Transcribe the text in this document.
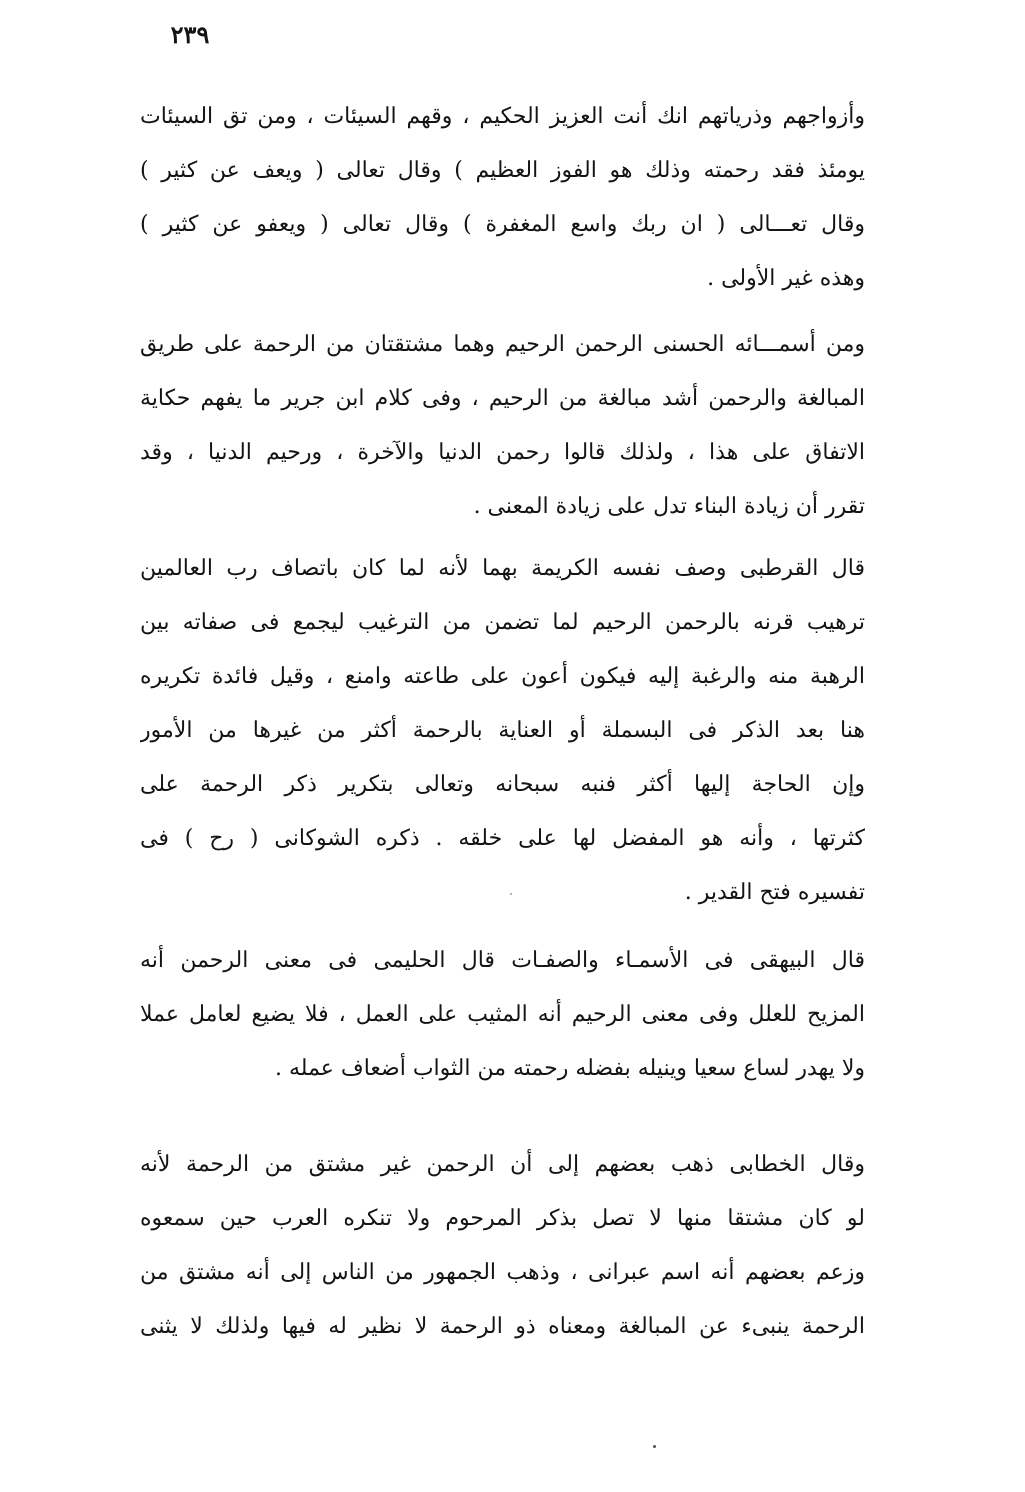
٢٣٩
وأزواجهم وذرياتهم انك أنت العزيز الحكيم ، وقهم السيئات ، ومن تق السيئات
يومئذ فقد رحمته وذلك هو الفوز العظيم ) وقال تعالى ( ويعف عن كثير )
وقال تعـــالى ( ان ربك واسع المغفرة ) وقال تعالى ( ويعفو عن كثير )
وهذه غير الأولى .
ومن أسمـــائه الحسنى الرحمن الرحيم وهما مشتقتان من الرحمة على طريق
المبالغة والرحمن أشد مبالغة من الرحيم ، وفى كلام ابن جرير ما يفهم حكاية
الاتفاق على هذا ، ولذلك قالوا رحمن الدنيا والآخرة ، ورحيم الدنيا ، وقد
تقرر أن زيادة البناء تدل على زيادة المعنى .
قال القرطبى وصف نفسه الكريمة بهما لأنه لما كان باتصاف رب العالمين
ترهيب قرنه بالرحمن الرحيم لما تضمن من الترغيب ليجمع فى صفاته بين
الرهبة منه والرغبة إليه فيكون أعون على طاعته وامنع ، وقيل فائدة تكريره
هنا بعد الذكر فى البسملة أو العناية بالرحمة أكثر من غيرها من الأمور
وإن الحاجة إليها أكثر فنبه سبحانه وتعالى بتكرير ذكر الرحمة على
كثرتها ، وأنه هو المفضل لها على خلقه . ذكره الشوكانى ( رح ) فى
تفسيره فتح القدير .
قال البيهقى فى الأسمـاء والصفـات قال الحليمى فى معنى الرحمن أنه
المزيح للعلل وفى معنى الرحيم أنه المثيب على العمل ، فلا يضيع لعامل عملا
ولا يهدر لساع سعيا وينيله بفضله رحمته من الثواب أضعاف عمله .
وقال الخطابى ذهب بعضهم إلى أن الرحمن غير مشتق من الرحمة لأنه
لو كان مشتقا منها لا تصل بذكر المرحوم ولا تنكره العرب حين سمعوه
وزعم بعضهم أنه اسم عبرانى ، وذهب الجمهور من الناس إلى أنه مشتق من
الرحمة ينبىء عن المبالغة ومعناه ذو الرحمة لا نظير له فيها ولذلك لا يثنى
